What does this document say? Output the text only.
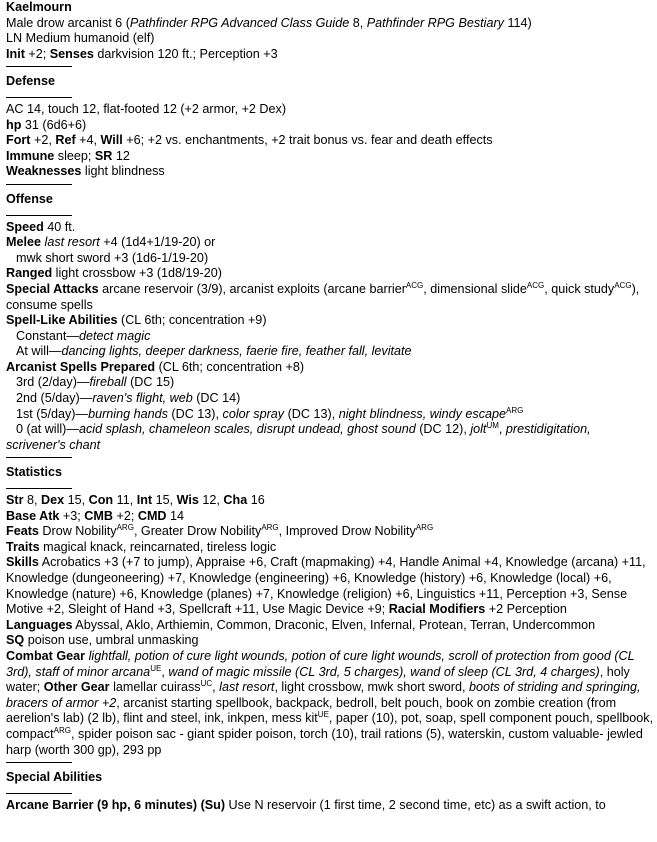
Kaelmourn
Male drow arcanist 6 (Pathfinder RPG Advanced Class Guide 8, Pathfinder RPG Bestiary 114)
LN Medium humanoid (elf)
Init +2; Senses darkvision 120 ft.; Perception +3
Defense
AC 14, touch 12, flat-footed 12 (+2 armor, +2 Dex)
hp 31 (6d6+6)
Fort +2, Ref +4, Will +6; +2 vs. enchantments, +2 trait bonus vs. fear and death effects
Immune sleep; SR 12
Weaknesses light blindness
Offense
Speed 40 ft.
Melee last resort +4 (1d4+1/19-20) or
mwk short sword +3 (1d6-1/19-20)
Ranged light crossbow +3 (1d8/19-20)
Special Attacks arcane reservoir (3/9), arcanist exploits (arcane barrier$^{ACG}$, dimensional slide$^{ACG}$, quick study$^{ACG}$), consume spells
Spell-Like Abilities (CL 6th; concentration +9)
Constant—detect magic
At will—dancing lights, deeper darkness, faerie fire, feather fall, levitate
Arcanist Spells Prepared (CL 6th; concentration +8)
3rd (2/day)—fireball (DC 15)
2nd (5/day)—raven's flight, web (DC 14)
1st (5/day)—burning hands (DC 13), color spray (DC 13), night blindness, windy escape$^{ARG}$
0 (at will)—acid splash, chameleon scales, disrupt undead, ghost sound (DC 12), jolt$^{UM}$, prestidigitation,
scrivener's chant
Statistics
Str 8, Dex 15, Con 11, Int 15, Wis 12, Cha 16
Base Atk +3; CMB +2; CMD 14
Feats Drow Nobility$^{ARG}$, Greater Drow Nobility$^{ARG}$, Improved Drow Nobility$^{ARG}$
Traits magical knack, reincarnated, tireless logic
Skills Acrobatics +3 (+7 to jump), Appraise +6, Craft (mapmaking) +4, Handle Animal +4, Knowledge (arcana) +11, Knowledge (dungeoneering) +7, Knowledge (engineering) +6, Knowledge (history) +6, Knowledge (local) +6, Knowledge (nature) +6, Knowledge (planes) +7, Knowledge (religion) +6, Linguistics +11, Perception +3, Sense Motive +2, Sleight of Hand +3, Spellcraft +11, Use Magic Device +9; Racial Modifiers +2 Perception
Languages Abyssal, Aklo, Arthiemin, Common, Draconic, Elven, Infernal, Protean, Terran, Undercommon
SQ poison use, umbral unmasking
Combat Gear lightfall, potion of cure light wounds, potion of cure light wounds, scroll of protection from good (CL 3rd), staff of minor arcana$^{UE}$, wand of magic missile (CL 3rd, 5 charges), wand of sleep (CL 3rd, 4 charges), holy water; Other Gear lamellar cuirass$^{UC}$, last resort, light crossbow, mwk short sword, boots of striding and springing, bracers of armor +2, arcanist starting spellbook, backpack, bedroll, belt pouch, book on zombie creation (from aerelion's lab) (2 lb), flint and steel, ink, inkpen, mess kit$^{UE}$, paper (10), pot, soap, spell component pouch, spellbook, compact$^{ARG}$, spider poison sac - giant spider poison, torch (10), trail rations (5), waterskin, custom valuable- jewled harp (worth 300 gp), 293 pp
Special Abilities
Arcane Barrier (9 hp, 6 minutes) (Su) Use N reservoir (1 first time, 2 second time, etc) as a swift action, to
